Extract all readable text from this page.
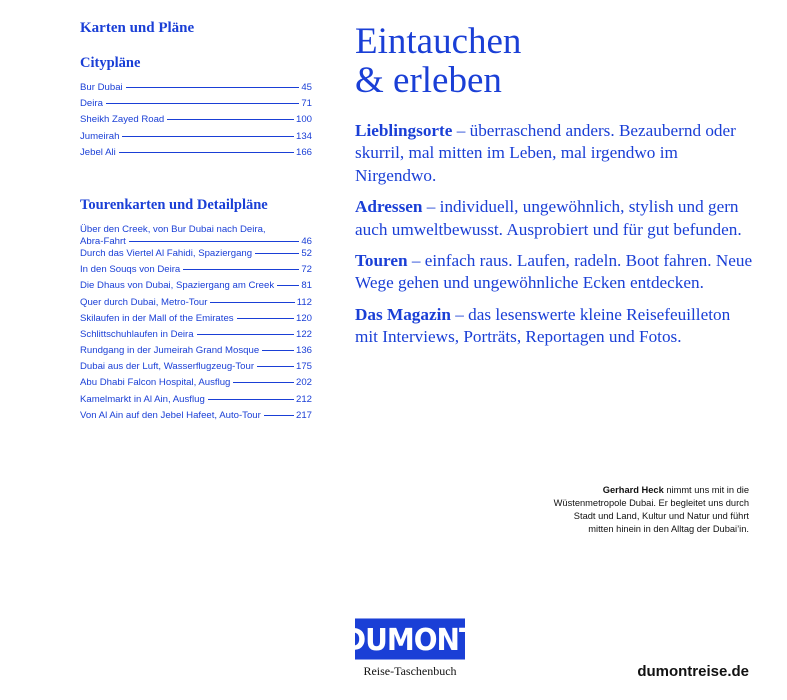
Karten und Pläne
Citypläne
Bur Dubai	45
Deira	71
Sheikh Zayed Road	100
Jumeirah	134
Jebel Ali	166
Tourenkarten und Detailpläne
Über den Creek, von Bur Dubai nach Deira,
Abra-Fahrt	46
Durch das Viertel Al Fahidi, Spaziergang	52
In den Souqs von Deira	72
Die Dhaus von Dubai, Spaziergang am Creek	81
Quer durch Dubai, Metro-Tour	112
Skilaufen in der Mall of the Emirates	120
Schlittschuhlaufen in Deira	122
Rundgang in der Jumeirah Grand Mosque	136
Dubai aus der Luft, Wasserflugzeug-Tour	175
Abu Dhabi Falcon Hospital, Ausflug	202
Kamelmarkt in Al Ain, Ausflug	212
Von Al Ain auf den Jebel Hafeet, Auto-Tour	217
Eintauchen
& erleben

Lieblingsorte – überraschend anders. Bezaubernd oder skurril, mal mitten im Leben, mal irgendwo im Nirgendwo.

Adressen – individuell, ungewöhnlich, stylish und gern auch umweltbewusst. Ausprobiert und für gut befunden.

Touren – einfach raus. Laufen, radeln. Boot fahren. Neue Wege gehen und ungewöhnliche Ecken entdecken.

Das Magazin – das lesenswerte kleine Reisefeuilleton mit Interviews, Porträts, Reportagen und Fotos.

Gerhard Heck nimmt uns mit in die Wüstenmetropole Dubai. Er begleitet uns durch Stadt und Land, Kultur und Natur und führt mitten hinein in den Alltag der Dubai’in.
DUMONT
Reise-Taschenbuch	dumontreise.de
